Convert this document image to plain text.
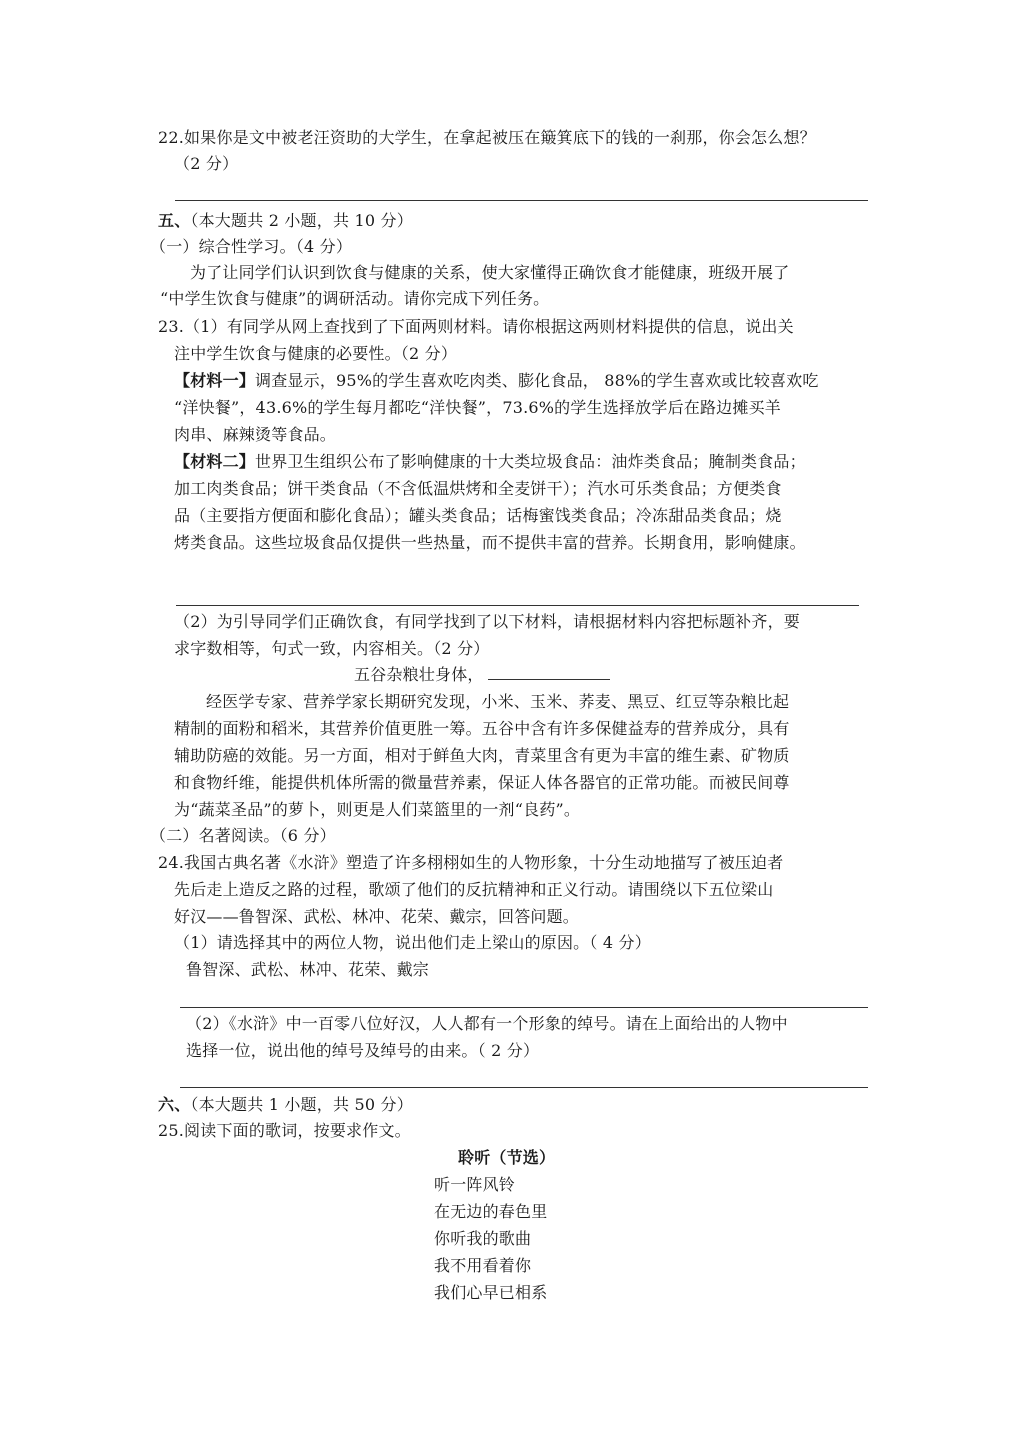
22.如果你是文中被老汪资助的大学生，在拿起被压在簸箕底下的钱的一刹那，你会怎么想？
（2 分）
五、（本大题共 2 小题，共 10 分）
（一）综合性学习。（4 分）
为了让同学们认识到饮食与健康的关系，使大家懂得正确饮食才能健康，班级开展了
“中学生饮食与健康”的调研活动。请你完成下列任务。
23.（1）有同学从网上查找到了下面两则材料。请你根据这两则材料提供的信息，说出关
注中学生饮食与健康的必要性。（2 分）
【材料一】调查显示，95%的学生喜欢吃肉类、膨化食品， 88%的学生喜欢或比较喜欢吃
“洋快餐”，43.6%的学生每月都吃“洋快餐”，73.6%的学生选择放学后在路边摊买羊
肉串、麻辣烫等食品。
【材料二】世界卫生组织公布了影响健康的十大类垃圾食品：油炸类食品；腌制类食品；
加工肉类食品；饼干类食品（不含低温烘烤和全麦饼干）；汽水可乐类食品；方便类食
品（主要指方便面和膨化食品）；罐头类食品；话梅蜜饯类食品；冷冻甜品类食品；烧
烤类食品。这些垃圾食品仅提供一些热量，而不提供丰富的营养。长期食用，影响健康。
（2）为引导同学们正确饮食，有同学找到了以下材料，请根据材料内容把标题补齐，要
求字数相等，句式一致，内容相关。（2 分）
五谷杂粮壮身体，
经医学专家、营养学家长期研究发现，小米、玉米、荞麦、黑豆、红豆等杂粮比起
精制的面粉和稻米，其营养价值更胜一筹。五谷中含有许多保健益寿的营养成分，具有
辅助防癌的效能。另一方面，相对于鲜鱼大肉，青菜里含有更为丰富的维生素、矿物质
和食物纤维，能提供机体所需的微量营养素，保证人体各器官的正常功能。而被民间尊
为“蔬菜圣品”的萝卜，则更是人们菜篮里的一剂“良药”。
（二）名著阅读。（6 分）
24.我国古典名著《水浒》塑造了许多栩栩如生的人物形象，十分生动地描写了被压迫者
先后走上造反之路的过程，歌颂了他们的反抗精神和正义行动。请围绕以下五位梁山
好汉——鲁智深、武松、林冲、花荣、戴宗，回答问题。
（1）请选择其中的两位人物，说出他们走上梁山的原因。（ 4 分）
鲁智深、武松、林冲、花荣、戴宗
（2）《水浒》中一百零八位好汉，人人都有一个形象的绰号。请在上面给出的人物中
选择一位，说出他的绰号及绰号的由来。（ 2 分）
六、（本大题共 1 小题，共 50 分）
25.阅读下面的歌词，按要求作文。
聆听（节选）
听一阵风铃
在无边的春色里
你听我的歌曲
我不用看着你
我们心早已相系
